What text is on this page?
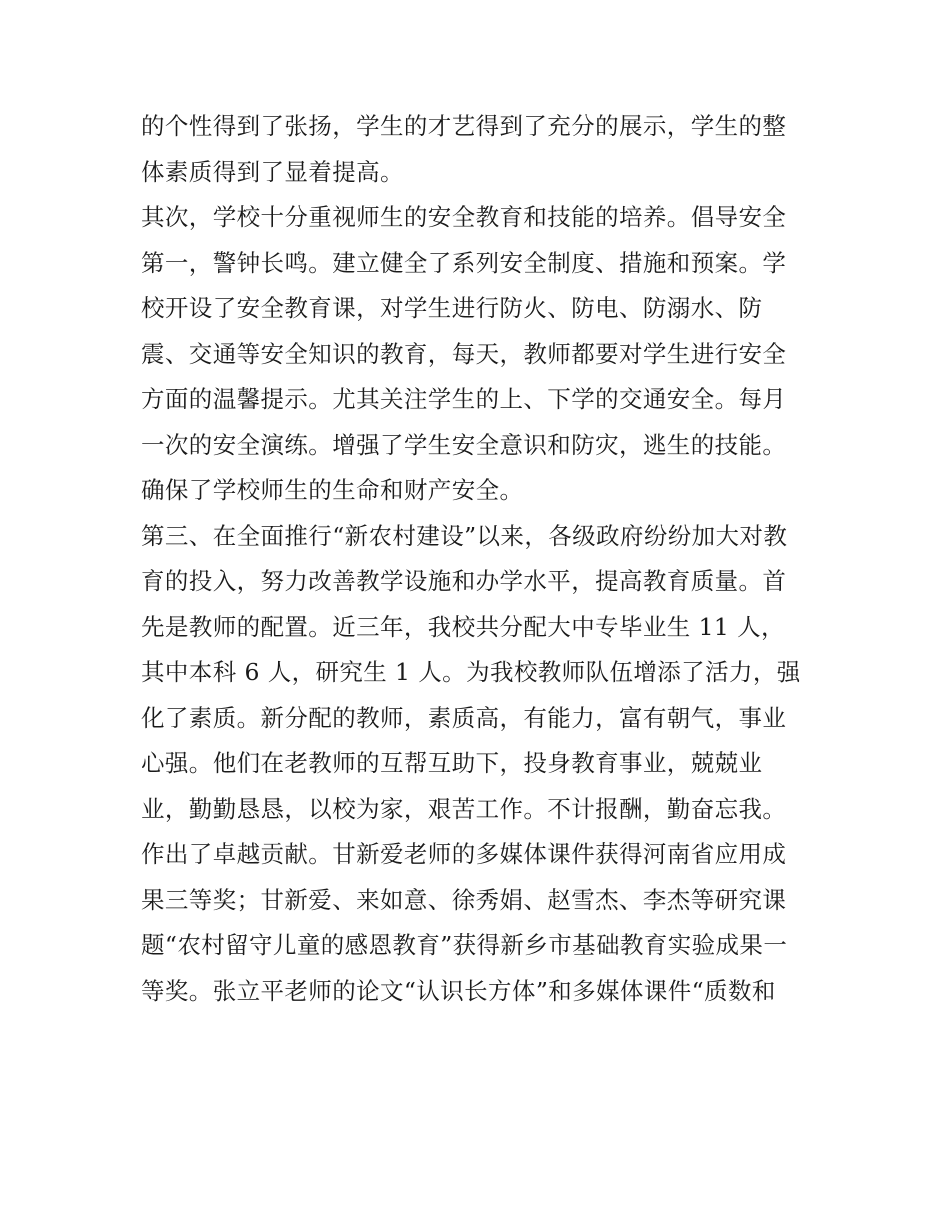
的个性得到了张扬，学生的才艺得到了充分的展示，学生的整
体素质得到了显着提高。
其次，学校十分重视师生的安全教育和技能的培养。倡导安全
第一，警钟长鸣。建立健全了系列安全制度、措施和预案。学
校开设了安全教育课，对学生进行防火、防电、防溺水、防
震、交通等安全知识的教育，每天，教师都要对学生进行安全
方面的温馨提示。尤其关注学生的上、下学的交通安全。每月
一次的安全演练。增强了学生安全意识和防灾，逃生的技能。
确保了学校师生的生命和财产安全。
第三、在全面推行“新农村建设”以来，各级政府纷纷加大对教
育的投入，努力改善教学设施和办学水平，提高教育质量。首
先是教师的配置。近三年，我校共分配大中专毕业生 11 人，
其中本科 6 人，研究生 1 人。为我校教师队伍增添了活力，强
化了素质。新分配的教师，素质高，有能力，富有朝气，事业
心强。他们在老教师的互帮互助下，投身教育事业，兢兢业
业，勤勤恳恳，以校为家，艰苦工作。不计报酬，勤奋忘我。
作出了卓越贡献。甘新爱老师的多媒体课件获得河南省应用成
果三等奖；甘新爱、来如意、徐秀娟、赵雪杰、李杰等研究课
题“农村留守儿童的感恩教育”获得新乡市基础教育实验成果一
等奖。张立平老师的论文“认识长方体”和多媒体课件“质数和
